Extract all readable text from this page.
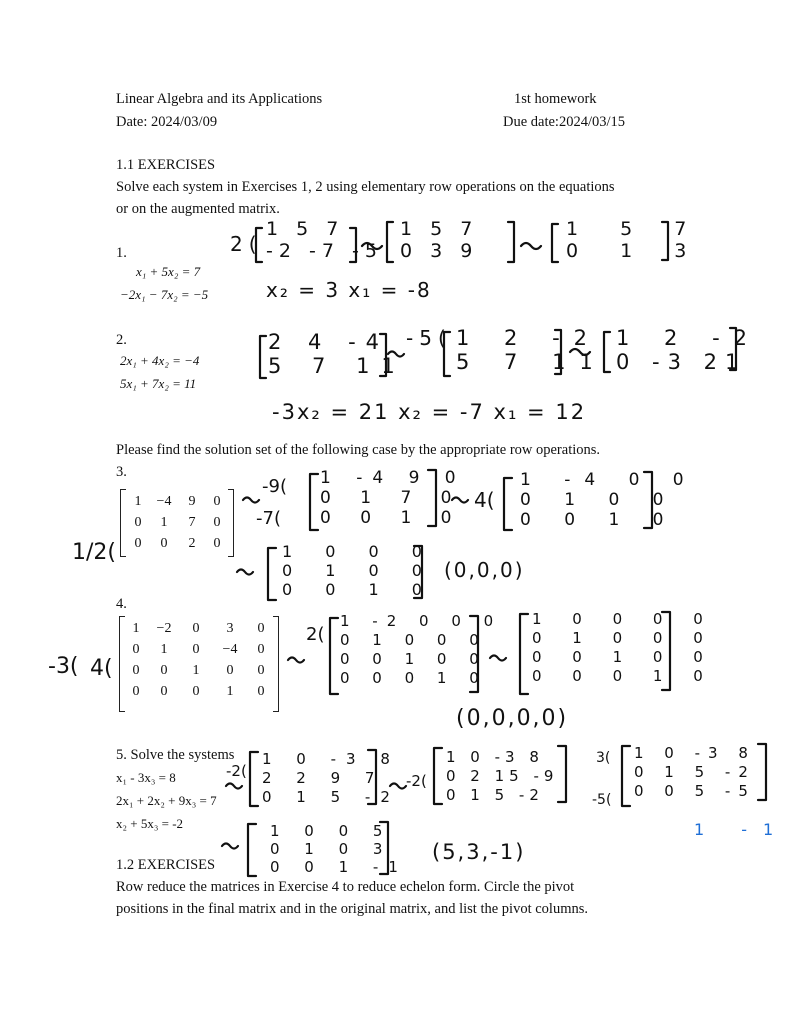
Linear Algebra and its Applications	1st homework
Date: 2024/03/09	Due date:2024/03/15
1.1 EXERCISES
Solve each system in Exercises 1, 2 using elementary row operations on the equations
or on the augmented matrix.
1.
x₁ + 5x₂ = 7
−2x₁ − 7x₂ = −5
2.
2x₁ + 4x₂ = −4
5x₁ + 7x₂ = 11
Please find the solution set of the following case by the appropriate row operations.
3.
1	−4	9	0
0	1	7	0
0	0	2	0
4.
1	−2	0	3	0
0	1	0	−4	0
0	0	1	0	0
0	0	0	1	0
5. Solve the systems
x₁ - 3x₃ = 8
2x₁ + 2x₂ + 9x₃ = 7
x₂ + 5x₃ = -2
1.2 EXERCISES
Row reduce the matrices in Exercise 4 to reduce echelon form. Circle the pivot
positions in the final matrix and in the original matrix, and list the pivot columns.
2(
1 5 7
-2 -7 -5
1 5 7
0 3 9
1 5 7
0 1 3
x₂ = 3 x₁ = -8
2 4 -4
5 7 11
-5( 1 2 -2
5 7 11
1 2 -2
0 -3 21
-3x₂ = 21 x₂ = -7 x₁ = 12
1/2(
-9(
-7(
1 -4 9 0
0 1 7 0
0 0 1 0
4(
1 -4 0 0
0 1 0 0
0 0 1 0
1 0 0 0
0 1 0 0
0 0 1 0
(0,0,0)
-3( 4(
2(
1 -2 0 0 0
0 1 0 0 0
0 0 1 0 0
0 0 0 1 0
1 0 0 0 0
0 1 0 0 0
0 0 1 0 0
0 0 0 1 0
(0,0,0,0)
-2(
1 0 -3 8
2 2 9 7
0 1 5 -2
-2(
1 0 -3 8
0 2 15 -9
0 1 5 -2
3(
-5(
1 0 -3 8
0 1 5 -2
0 0 5 -5
1 -1
1 0 0 5
0 1 0 3
0 0 1 -1
(5,3,-1)
